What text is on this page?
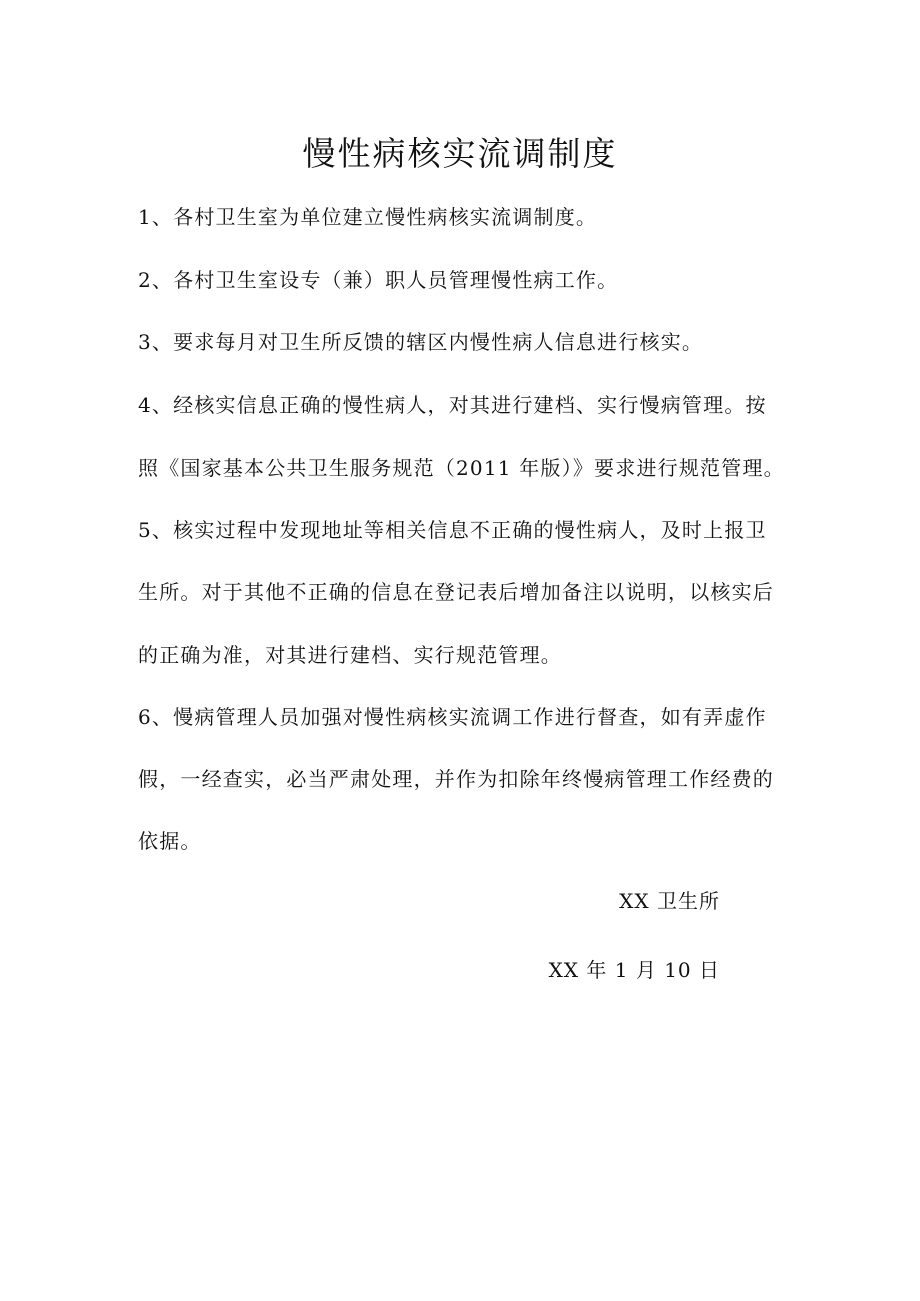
慢性病核实流调制度
1、各村卫生室为单位建立慢性病核实流调制度。
2、各村卫生室设专（兼）职人员管理慢性病工作。
3、要求每月对卫生所反馈的辖区内慢性病人信息进行核实。
4、经核实信息正确的慢性病人，对其进行建档、实行慢病管理。按
照《国家基本公共卫生服务规范（2011 年版）》要求进行规范管理。
5、核实过程中发现地址等相关信息不正确的慢性病人，及时上报卫
生所。对于其他不正确的信息在登记表后增加备注以说明，以核实后
的正确为准，对其进行建档、实行规范管理。
6、慢病管理人员加强对慢性病核实流调工作进行督查，如有弄虚作
假，一经查实，必当严肃处理，并作为扣除年终慢病管理工作经费的
依据。
XX 卫生所
XX 年 1 月 10 日
